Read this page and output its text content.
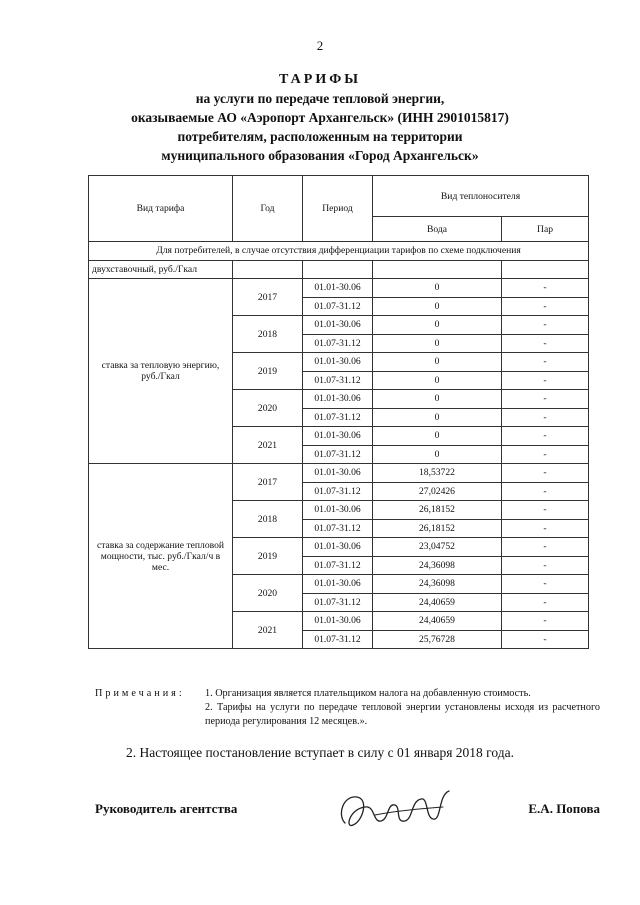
2
ТАРИФЫ
на услуги по передаче тепловой энергии,
оказываемые АО «Аэропорт Архангельск» (ИНН 2901015817)
потребителям, расположенным на территории
муниципального образования «Город Архангельск»
Вид тарифа	Год	Период	Вид теплоносителя	
			Вода	Пар
Для потребителей, в случае отсутствия дифференциации тарифов по схеме подключения				
двухставочный, руб./Гкал				
ставка за тепловую энергию, руб./Гкал	2017	01.01-30.06	0	-
		01.07-31.12	0	-
	2018	01.01-30.06	0	-
		01.07-31.12	0	-
	2019	01.01-30.06	0	-
		01.07-31.12	0	-
	2020	01.01-30.06	0	-
		01.07-31.12	0	-
	2021	01.01-30.06	0	-
		01.07-31.12	0	-
ставка за содержание тепловой мощности, тыс. руб./Гкал/ч в мес.	2017	01.01-30.06	18,53722	-
		01.07-31.12	27,02426	-
	2018	01.01-30.06	26,18152	-
		01.07-31.12	26,18152	-
	2019	01.01-30.06	23,04752	-
		01.07-31.12	24,36098	-
	2020	01.01-30.06	24,36098	-
		01.07-31.12	24,40659	-
	2021	01.01-30.06	24,40659	-
		01.07-31.12	25,76728	-
Примечания: 1. Организация является плательщиком налога на добавленную стоимость.
2. Тарифы на услуги по передаче тепловой энергии установлены исходя из расчетного периода регулирования 12 месяцев.».
2. Настоящее постановление вступает в силу с 01 января 2018 года.
Руководитель агентства	Е.А. Попова
